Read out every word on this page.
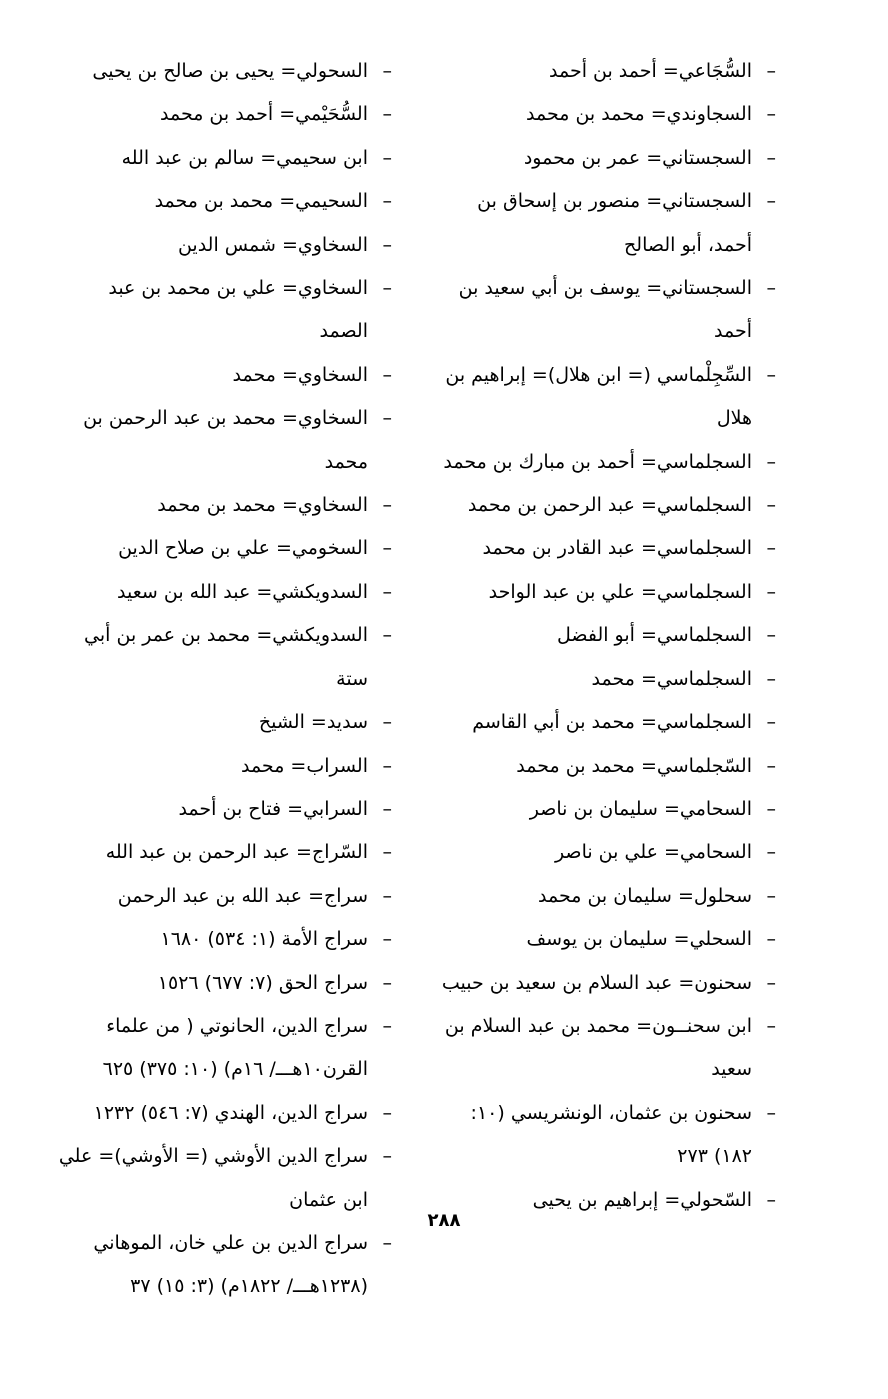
–
السُّجَاعي= أحمد بن أحمد

–
السجاوندي= محمد بن محمد

–
السجستاني= عمر بن محمود

–
السجستاني= منصور بن إسحاق بن أحمد، أبو الصالح

–
السجستاني= يوسف بن أبي سعيد بن أحمد

–
السِّجِلْماسي (= ابن هلال)= إبراهيم بن هلال

–
السجلماسي= أحمد بن مبارك بن محمد

–
السجلماسي= عبد الرحمن بن محمد

–
السجلماسي= عبد القادر بن محمد

–
السجلماسي= علي بن عبد الواحد

–
السجلماسي= أبو الفضل

–
السجلماسي= محمد

–
السجلماسي= محمد بن أبي القاسم

–
السّجلماسي= محمد بن محمد

–
السحامي= سليمان بن ناصر

–
السحامي= علي بن ناصر

–
سحلول= سليمان بن محمد

–
السحلي= سليمان بن يوسف

–
سحنون= عبد السلام بن سعيد بن حبيب

–
ابن سحنــون= محمد بن عبد السلام بن سعيد

–
سحنون بن عثمان، الونشريسي (١٠: ١٨٢) ٢٧٣

–
السّحولي= إبراهيم بن يحيى

–
السحولي= يحيى بن صالح بن يحيى

–
السُّحَيْمي= أحمد بن محمد

–
ابن سحيمي= سالم بن عبد الله

–
السحيمي= محمد بن محمد

–
السخاوي= شمس الدين

–
السخاوي= علي بن محمد بن عبد الصمد

–
السخاوي= محمد

–
السخاوي= محمد بن عبد الرحمن بن محمد

–
السخاوي= محمد بن محمد

–
السخومي= علي بن صلاح الدين

–
السدويكشي= عبد الله بن سعيد

–
السدويكشي= محمد بن عمر بن أبي ستة

–
سديد= الشيخ

–
السراب= محمد

–
السرابي= فتاح بن أحمد

–
السّراج= عبد الرحمن بن عبد الله

–
سراج= عبد الله بن عبد الرحمن

–
سراج الأمة (١: ٥٣٤) ١٦٨٠

–
سراج الحق (٧: ٦٧٧) ١٥٢٦

–
سراج الدين، الحانوتي ( من علماء القرن١٠هـــ/ ١٦م) (١٠: ٣٧٥) ٦٢٥

–
سراج الدين، الهندي (٧: ٥٤٦) ١٢٣٢

–
سراج الدين الأوشي (= الأوشي)= علي ابن عثمان

–
سراج الدين بن علي خان، الموهاني (١٢٣٨هـــ/ ١٨٢٢م) (٣: ١٥) ٣٧

٢٨٨
